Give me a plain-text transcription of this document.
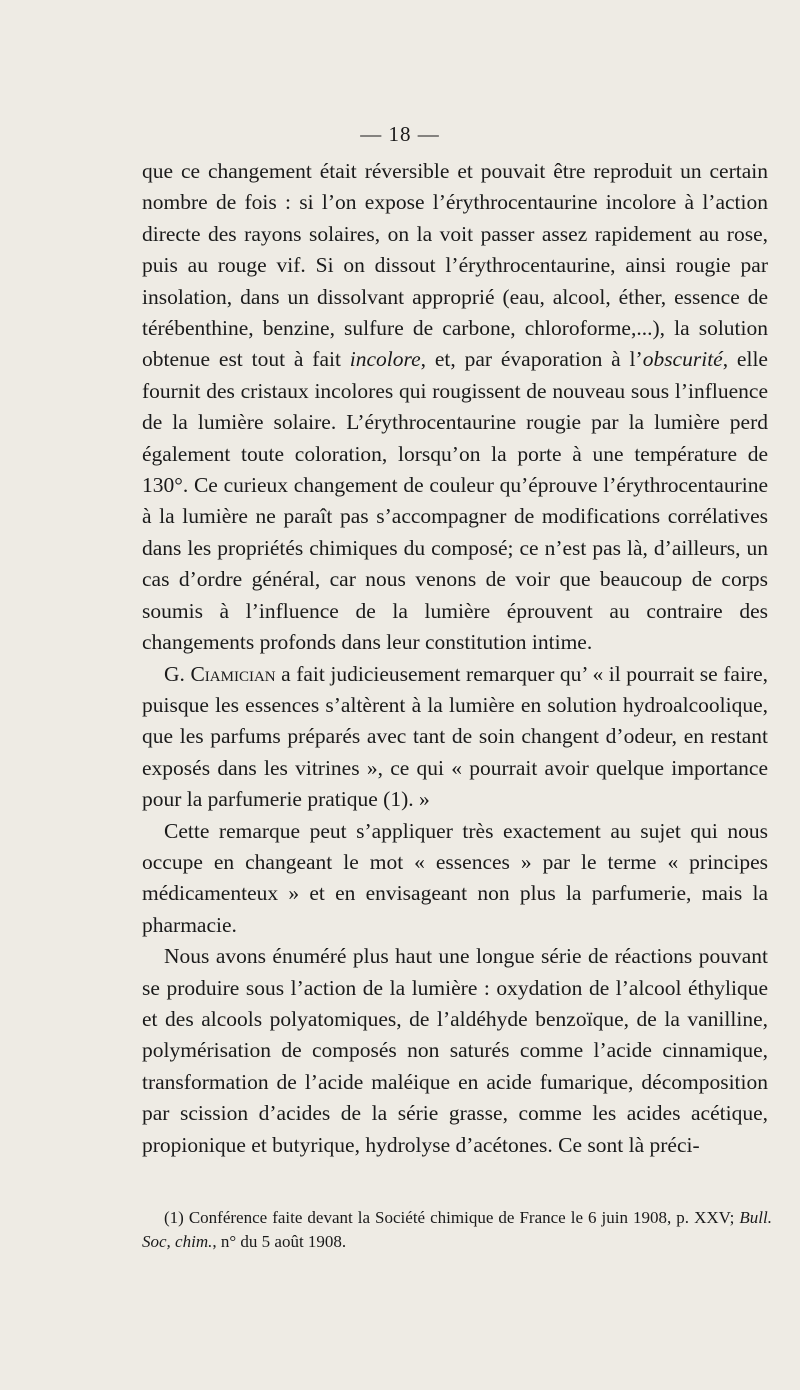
— 18 —

que ce changement était réversible et pouvait être reproduit un certain nombre de fois : si l’on expose l’érythrocentaurine incolore à l’action directe des rayons solaires, on la voit passer assez rapidement au rose, puis au rouge vif. Si on dissout l’érythrocentaurine, ainsi rougie par insolation, dans un dissolvant approprié (eau, alcool, éther, essence de térébenthine, benzine, sulfure de carbone, chloroforme,...), la solution obtenue est tout à fait incolore, et, par évaporation à l’obscurité, elle fournit des cristaux incolores qui rougissent de nouveau sous l’influence de la lumière solaire. L’érythrocentaurine rougie par la lumière perd également toute coloration, lorsqu’on la porte à une température de 130°. Ce curieux changement de couleur qu’éprouve l’érythrocentaurine à la lumière ne paraît pas s’accompagner de modifications corrélatives dans les propriétés chimiques du composé; ce n’est pas là, d’ailleurs, un cas d’ordre général, car nous venons de voir que beaucoup de corps soumis à l’influence de la lumière éprouvent au contraire des changements profonds dans leur constitution intime.

G. Ciamician a fait judicieusement remarquer qu’ « il pourrait se faire, puisque les essences s’altèrent à la lumière en solution hydroalcoolique, que les parfums préparés avec tant de soin changent d’odeur, en restant exposés dans les vitrines », ce qui « pourrait avoir quelque importance pour la parfumerie pratique (1). »

Cette remarque peut s’appliquer très exactement au sujet qui nous occupe en changeant le mot « essences » par le terme « principes médicamenteux » et en envisageant non plus la parfumerie, mais la pharmacie.

Nous avons énuméré plus haut une longue série de réactions pouvant se produire sous l’action de la lumière : oxydation de l’alcool éthylique et des alcools polyatomiques, de l’aldéhyde benzoïque, de la vanilline, polymérisation de composés non saturés comme l’acide cinnamique, transformation de l’acide maléique en acide fumarique, décomposition par scission d’acides de la série grasse, comme les acides acétique, propionique et butyrique, hydrolyse d’acétones. Ce sont là préci-

(1) Conférence faite devant la Société chimique de France le 6 juin 1908, p. XXV; Bull. Soc, chim., n° du 5 août 1908.
